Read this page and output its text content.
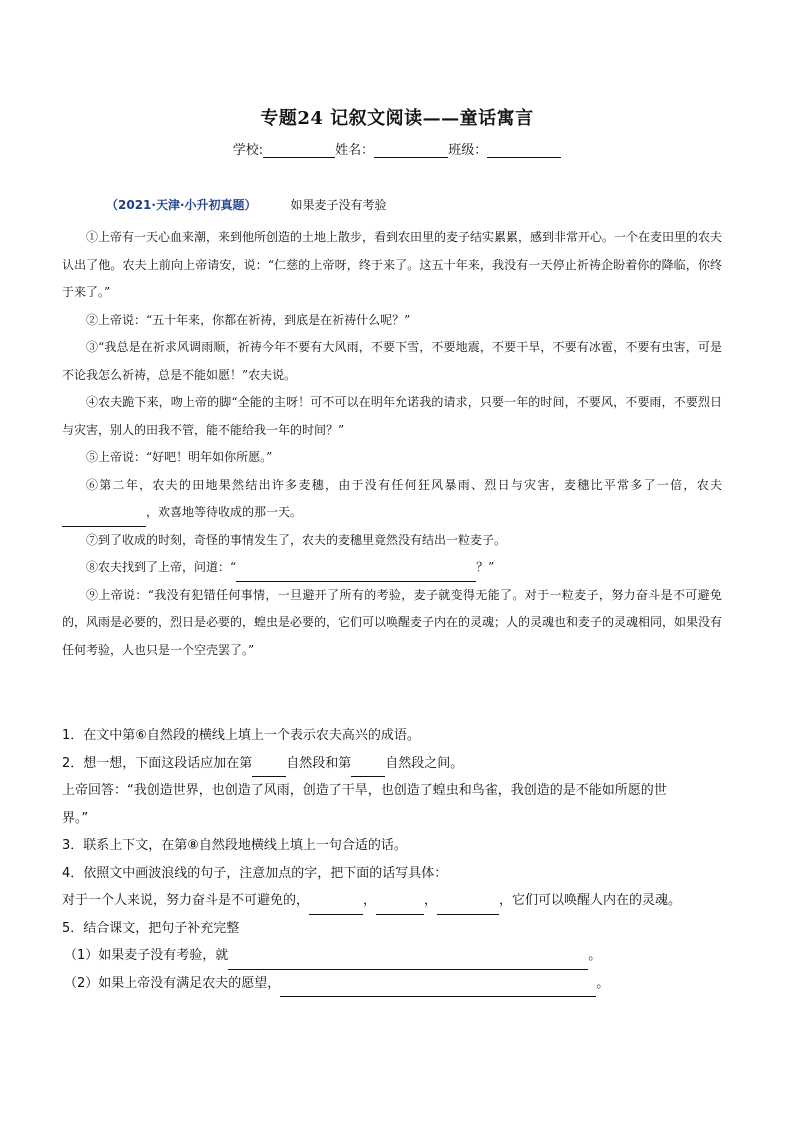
专题24 记叙文阅读——童话寓言
学校:	姓名：	班级：
（2021·天津·小升初真题）	如果麦子没有考验

①上帝有一天心血来潮，来到他所创造的土地上散步，看到农田里的麦子结实累累，感到非常开心。一个在麦田里的农夫认出了他。农夫上前向上帝请安，说：“仁慈的上帝呀，终于来了。这五十年来，我没有一天停止祈祷企盼着你的降临，你终于来了。”

②上帝说：“五十年来，你都在祈祷，到底是在祈祷什么呢？”

③“我总是在祈求风调雨顺，祈祷今年不要有大风雨，不要下雪，不要地震，不要干旱，不要有冰雹，不要有虫害，可是不论我怎么祈祷，总是不能如愿！”农夫说。

④农夫跪下来，吻上帝的脚“全能的主呀！可不可以在明年允诺我的请求，只要一年的时间，不要风，不要雨，不要烈日与灾害，别人的田我不管，能不能给我一年的时间？”

⑤上帝说：“好吧！明年如你所愿。”

⑥第二年，农夫的田地果然结出许多麦穗，由于没有任何狂风暴雨、烈日与灾害，麦穗比平常多了一倍，农夫，欢喜地等待收成的那一天。

⑦到了收成的时刻，奇怪的事情发生了，农夫的麦穗里竟然没有结出一粒麦子。

⑧农夫找到了上帝，问道：“	？”

⑨上帝说：“我没有犯错任何事情，一旦避开了所有的考验，麦子就变得无能了。对于一粒麦子，努力奋斗是不可避免的，风雨是必要的，烈日是必要的，蝗虫是必要的，它们可以唤醒麦子内在的灵魂；人的灵魂也和麦子的灵魂相同，如果没有任何考验，人也只是一个空壳罢了。”

1．在文中第⑥自然段的横线上填上一个表示农夫高兴的成语。

2．想一想，下面这段话应加在第	自然段和第	自然段之间。

上帝回答：“我创造世界，也创造了风雨，创造了干旱，也创造了蝗虫和鸟雀，我创造的是不能如所愿的世

界。”

3．联系上下文，在第⑧自然段地横线上填上一句合适的话。

4．依照文中画波浪线的句子，注意加点的字，把下面的话写具体：

对于一个人来说，努力奋斗是不可避免的，	，	，	，它们可以唤醒人内在的灵魂。

5．结合课文，把句子补充完整

（1）如果麦子没有考验，就	。

（2）如果上帝没有满足农夫的愿望，	。
